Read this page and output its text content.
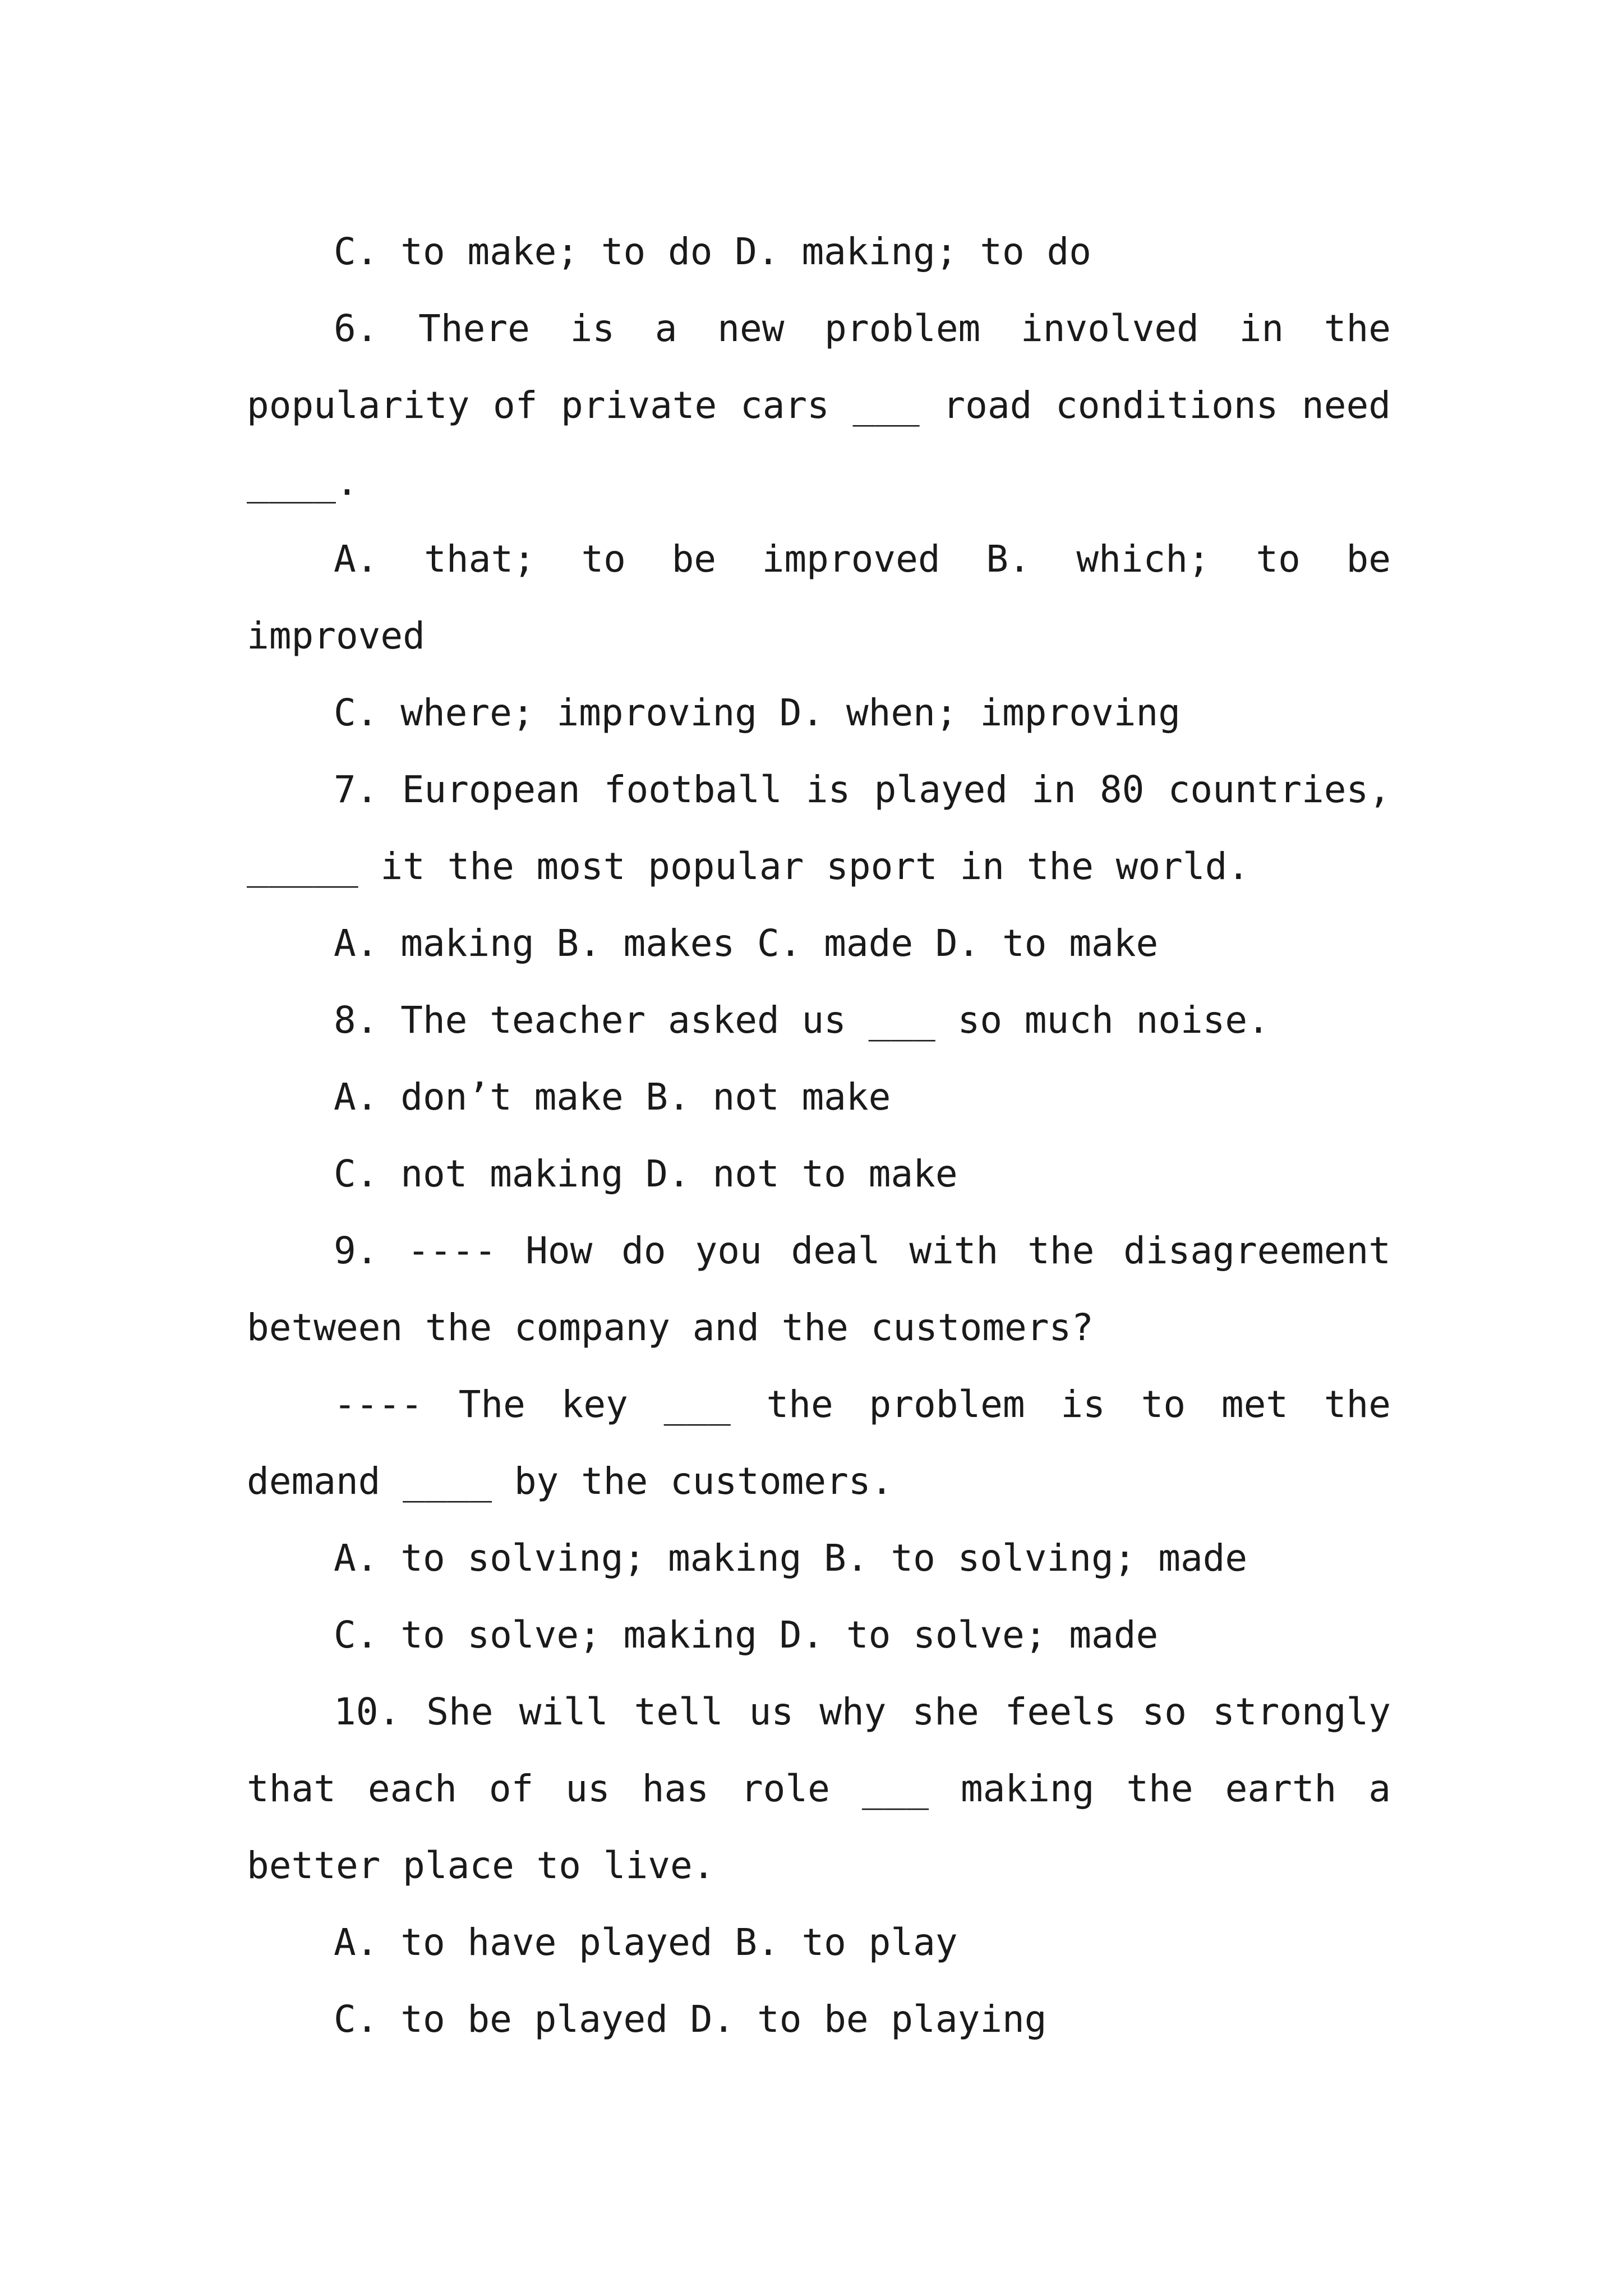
C. to make; to do D. making; to do
6. There is a new problem involved in the
popularity of private cars ___ road conditions need
____.
A. that; to be improved B. which; to be
improved
C. where; improving D. when; improving
7. European football is played in 80 countries,
_____ it the most popular sport in the world.
A. making B. makes C. made D. to make
8. The teacher asked us ___ so much noise.
A. don’t make B. not make
C. not making D. not to make
9. ---- How do you deal with the disagreement
between the company and the customers?
---- The key ___ the problem is to met the
demand ____ by the customers.
A. to solving; making B. to solving; made
C. to solve; making D. to solve; made
10. She will tell us why she feels so strongly
that each of us has role ___ making the earth a
better place to live.
A. to have played B. to play
C. to be played D. to be playing
